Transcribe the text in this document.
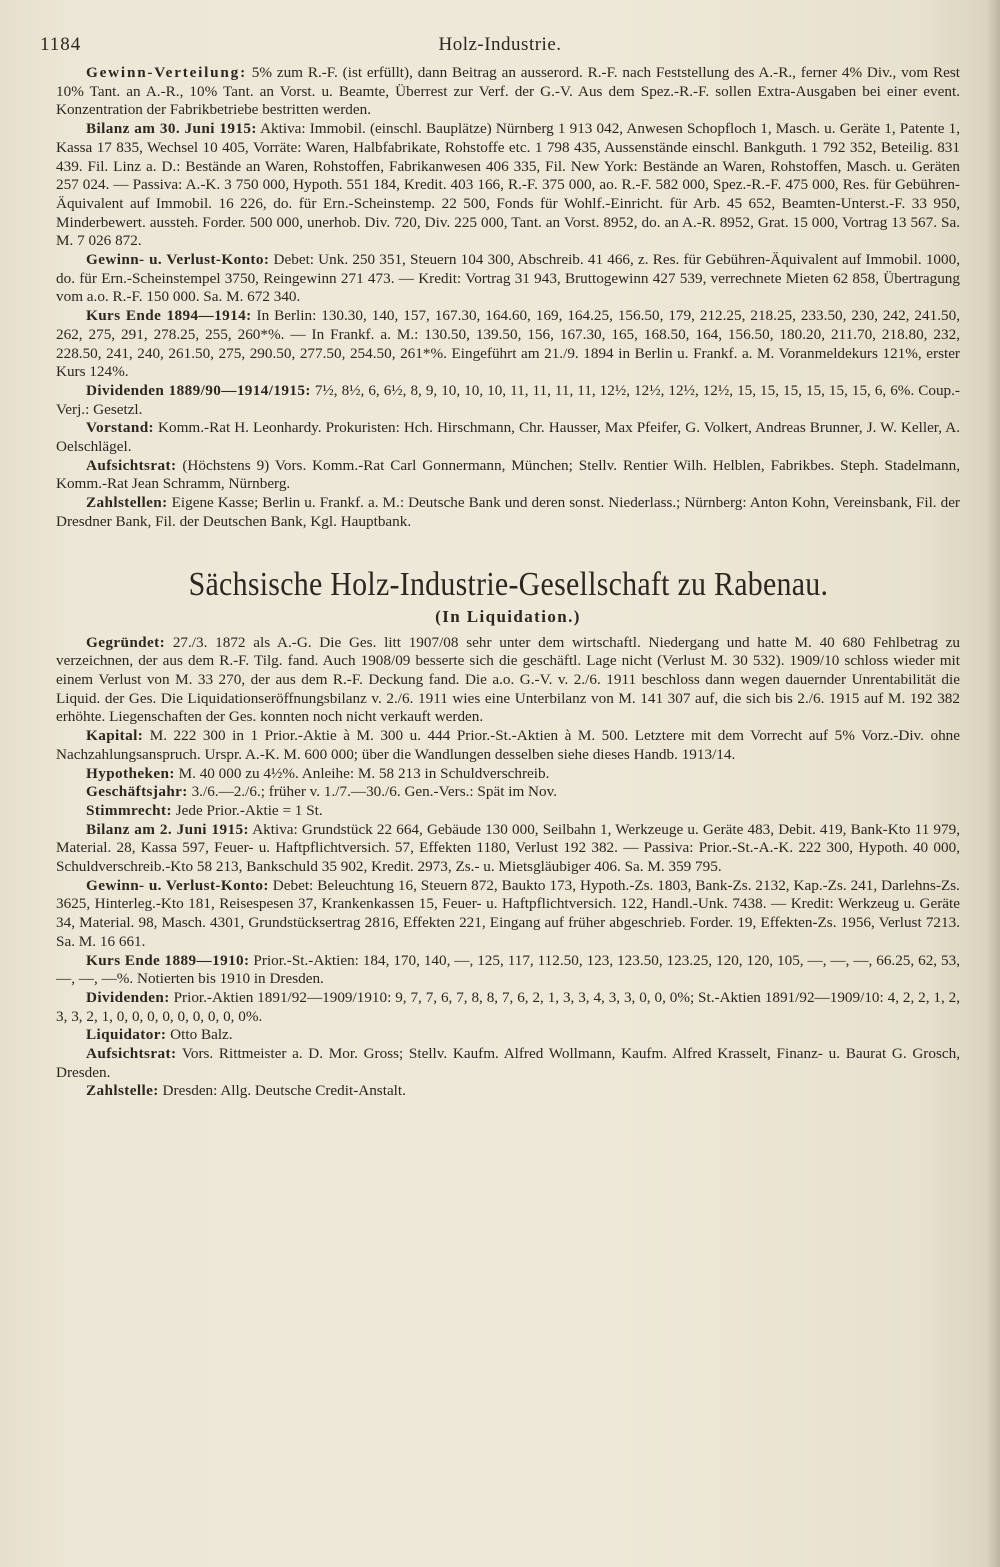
1184	Holz-Industrie.

Gewinn-Verteilung: 5% zum R.-F. (ist erfüllt), dann Beitrag an ausserord. R.-F. nach Feststellung des A.-R., ferner 4% Div., vom Rest 10% Tant. an A.-R., 10% Tant. an Vorst. u. Beamte, Überrest zur Verf. der G.-V. Aus dem Spez.-R.-F. sollen Extra-Ausgaben bei einer event. Konzentration der Fabrikbetriebe bestritten werden.

Bilanz am 30. Juni 1915: Aktiva: Immobil. (einschl. Bauplätze) Nürnberg 1 913 042, Anwesen Schopfloch 1, Masch. u. Geräte 1, Patente 1, Kassa 17 835, Wechsel 10 405, Vorräte: Waren, Halbfabrikate, Rohstoffe etc. 1 798 435, Aussenstände einschl. Bankguth. 1 792 352, Beteilig. 831 439. Fil. Linz a. D.: Bestände an Waren, Rohstoffen, Fabrikanwesen 406 335, Fil. New York: Bestände an Waren, Rohstoffen, Masch. u. Geräten 257 024. — Passiva: A.-K. 3 750 000, Hypoth. 551 184, Kredit. 403 166, R.-F. 375 000, ao. R.-F. 582 000, Spez.-R.-F. 475 000, Res. für Gebühren-Äquivalent auf Immobil. 16 226, do. für Ern.-Scheinstemp. 22 500, Fonds für Wohlf.-Einricht. für Arb. 45 652, Beamten-Unterst.-F. 33 950, Minderbewert. aussteh. Forder. 500 000, unerhob. Div. 720, Div. 225 000, Tant. an Vorst. 8952, do. an A.-R. 8952, Grat. 15 000, Vortrag 13 567. Sa. M. 7 026 872.

Gewinn- u. Verlust-Konto: Debet: Unk. 250 351, Steuern 104 300, Abschreib. 41 466, z. Res. für Gebühren-Äquivalent auf Immobil. 1000, do. für Ern.-Scheinstempel 3750, Reingewinn 271 473. — Kredit: Vortrag 31 943, Bruttogewinn 427 539, verrechnete Mieten 62 858, Übertragung vom a.o. R.-F. 150 000. Sa. M. 672 340.

Kurs Ende 1894—1914: In Berlin: 130.30, 140, 157, 167.30, 164.60, 169, 164.25, 156.50, 179, 212.25, 218.25, 233.50, 230, 242, 241.50, 262, 275, 291, 278.25, 255, 260*%. — In Frankf. a. M.: 130.50, 139.50, 156, 167.30, 165, 168.50, 164, 156.50, 180.20, 211.70, 218.80, 232, 228.50, 241, 240, 261.50, 275, 290.50, 277.50, 254.50, 261*%. Eingeführt am 21./9. 1894 in Berlin u. Frankf. a. M. Voranmeldekurs 121%, erster Kurs 124%.

Dividenden 1889/90—1914/1915: 7½, 8½, 6, 6½, 8, 9, 10, 10, 10, 11, 11, 11, 11, 12½, 12½, 12½, 12½, 15, 15, 15, 15, 15, 15, 6, 6%. Coup.-Verj.: Gesetzl.

Vorstand: Komm.-Rat H. Leonhardy. Prokuristen: Hch. Hirschmann, Chr. Hausser, Max Pfeifer, G. Volkert, Andreas Brunner, J. W. Keller, A. Oelschlägel.

Aufsichtsrat: (Höchstens 9) Vors. Komm.-Rat Carl Gonnermann, München; Stellv. Rentier Wilh. Helblen, Fabrikbes. Steph. Stadelmann, Komm.-Rat Jean Schramm, Nürnberg.

Zahlstellen: Eigene Kasse; Berlin u. Frankf. a. M.: Deutsche Bank und deren sonst. Niederlass.; Nürnberg: Anton Kohn, Vereinsbank, Fil. der Dresdner Bank, Fil. der Deutschen Bank, Kgl. Hauptbank.

Sächsische Holz-Industrie-Gesellschaft zu Rabenau.
(In Liquidation.)

Gegründet: 27./3. 1872 als A.-G. Die Ges. litt 1907/08 sehr unter dem wirtschaftl. Niedergang und hatte M. 40 680 Fehlbetrag zu verzeichnen, der aus dem R.-F. Tilg. fand. Auch 1908/09 besserte sich die geschäftl. Lage nicht (Verlust M. 30 532). 1909/10 schloss wieder mit einem Verlust von M. 33 270, der aus dem R.-F. Deckung fand. Die a.o. G.-V. v. 2./6. 1911 beschloss dann wegen dauernder Unrentabilität die Liquid. der Ges. Die Liquidationseröffnungsbilanz v. 2./6. 1911 wies eine Unterbilanz von M. 141 307 auf, die sich bis 2./6. 1915 auf M. 192 382 erhöhte. Liegenschaften der Ges. konnten noch nicht verkauft werden.

Kapital: M. 222 300 in 1 Prior.-Aktie à M. 300 u. 444 Prior.-St.-Aktien à M. 500. Letztere mit dem Vorrecht auf 5% Vorz.-Div. ohne Nachzahlungsanspruch. Urspr. A.-K. M. 600 000; über die Wandlungen desselben siehe dieses Handb. 1913/14.

Hypotheken: M. 40 000 zu 4½%. Anleihe: M. 58 213 in Schuldverschreib.

Geschäftsjahr: 3./6.—2./6.; früher v. 1./7.—30./6. Gen.-Vers.: Spät im Nov.

Stimmrecht: Jede Prior.-Aktie = 1 St.

Bilanz am 2. Juni 1915: Aktiva: Grundstück 22 664, Gebäude 130 000, Seilbahn 1, Werkzeuge u. Geräte 483, Debit. 419, Bank-Kto 11 979, Material. 28, Kassa 597, Feuer- u. Haftpflichtversich. 57, Effekten 1180, Verlust 192 382. — Passiva: Prior.-St.-A.-K. 222 300, Hypoth. 40 000, Schuldverschreib.-Kto 58 213, Bankschuld 35 902, Kredit. 2973, Zs.- u. Mietsgläubiger 406. Sa. M. 359 795.

Gewinn- u. Verlust-Konto: Debet: Beleuchtung 16, Steuern 872, Baukto 173, Hypoth.-Zs. 1803, Bank-Zs. 2132, Kap.-Zs. 241, Darlehns-Zs. 3625, Hinterleg.-Kto 181, Reisespesen 37, Krankenkassen 15, Feuer- u. Haftpflichtversich. 122, Handl.-Unk. 7438. — Kredit: Werkzeug u. Geräte 34, Material. 98, Masch. 4301, Grundstücksertrag 2816, Effekten 221, Eingang auf früher abgeschrieb. Forder. 19, Effekten-Zs. 1956, Verlust 7213. Sa. M. 16 661.

Kurs Ende 1889—1910: Prior.-St.-Aktien: 184, 170, 140, —, 125, 117, 112.50, 123, 123.50, 123.25, 120, 120, 105, —, —, —, 66.25, 62, 53, —, —, —%. Notierten bis 1910 in Dresden.

Dividenden: Prior.-Aktien 1891/92—1909/1910: 9, 7, 7, 6, 7, 8, 8, 7, 6, 2, 1, 3, 3, 4, 3, 3, 0, 0, 0%; St.-Aktien 1891/92—1909/10: 4, 2, 2, 1, 2, 3, 3, 2, 1, 0, 0, 0, 0, 0, 0, 0, 0, 0%.

Liquidator: Otto Balz.

Aufsichtsrat: Vors. Rittmeister a. D. Mor. Gross; Stellv. Kaufm. Alfred Wollmann, Kaufm. Alfred Krasselt, Finanz- u. Baurat G. Grosch, Dresden.

Zahlstelle: Dresden: Allg. Deutsche Credit-Anstalt.
